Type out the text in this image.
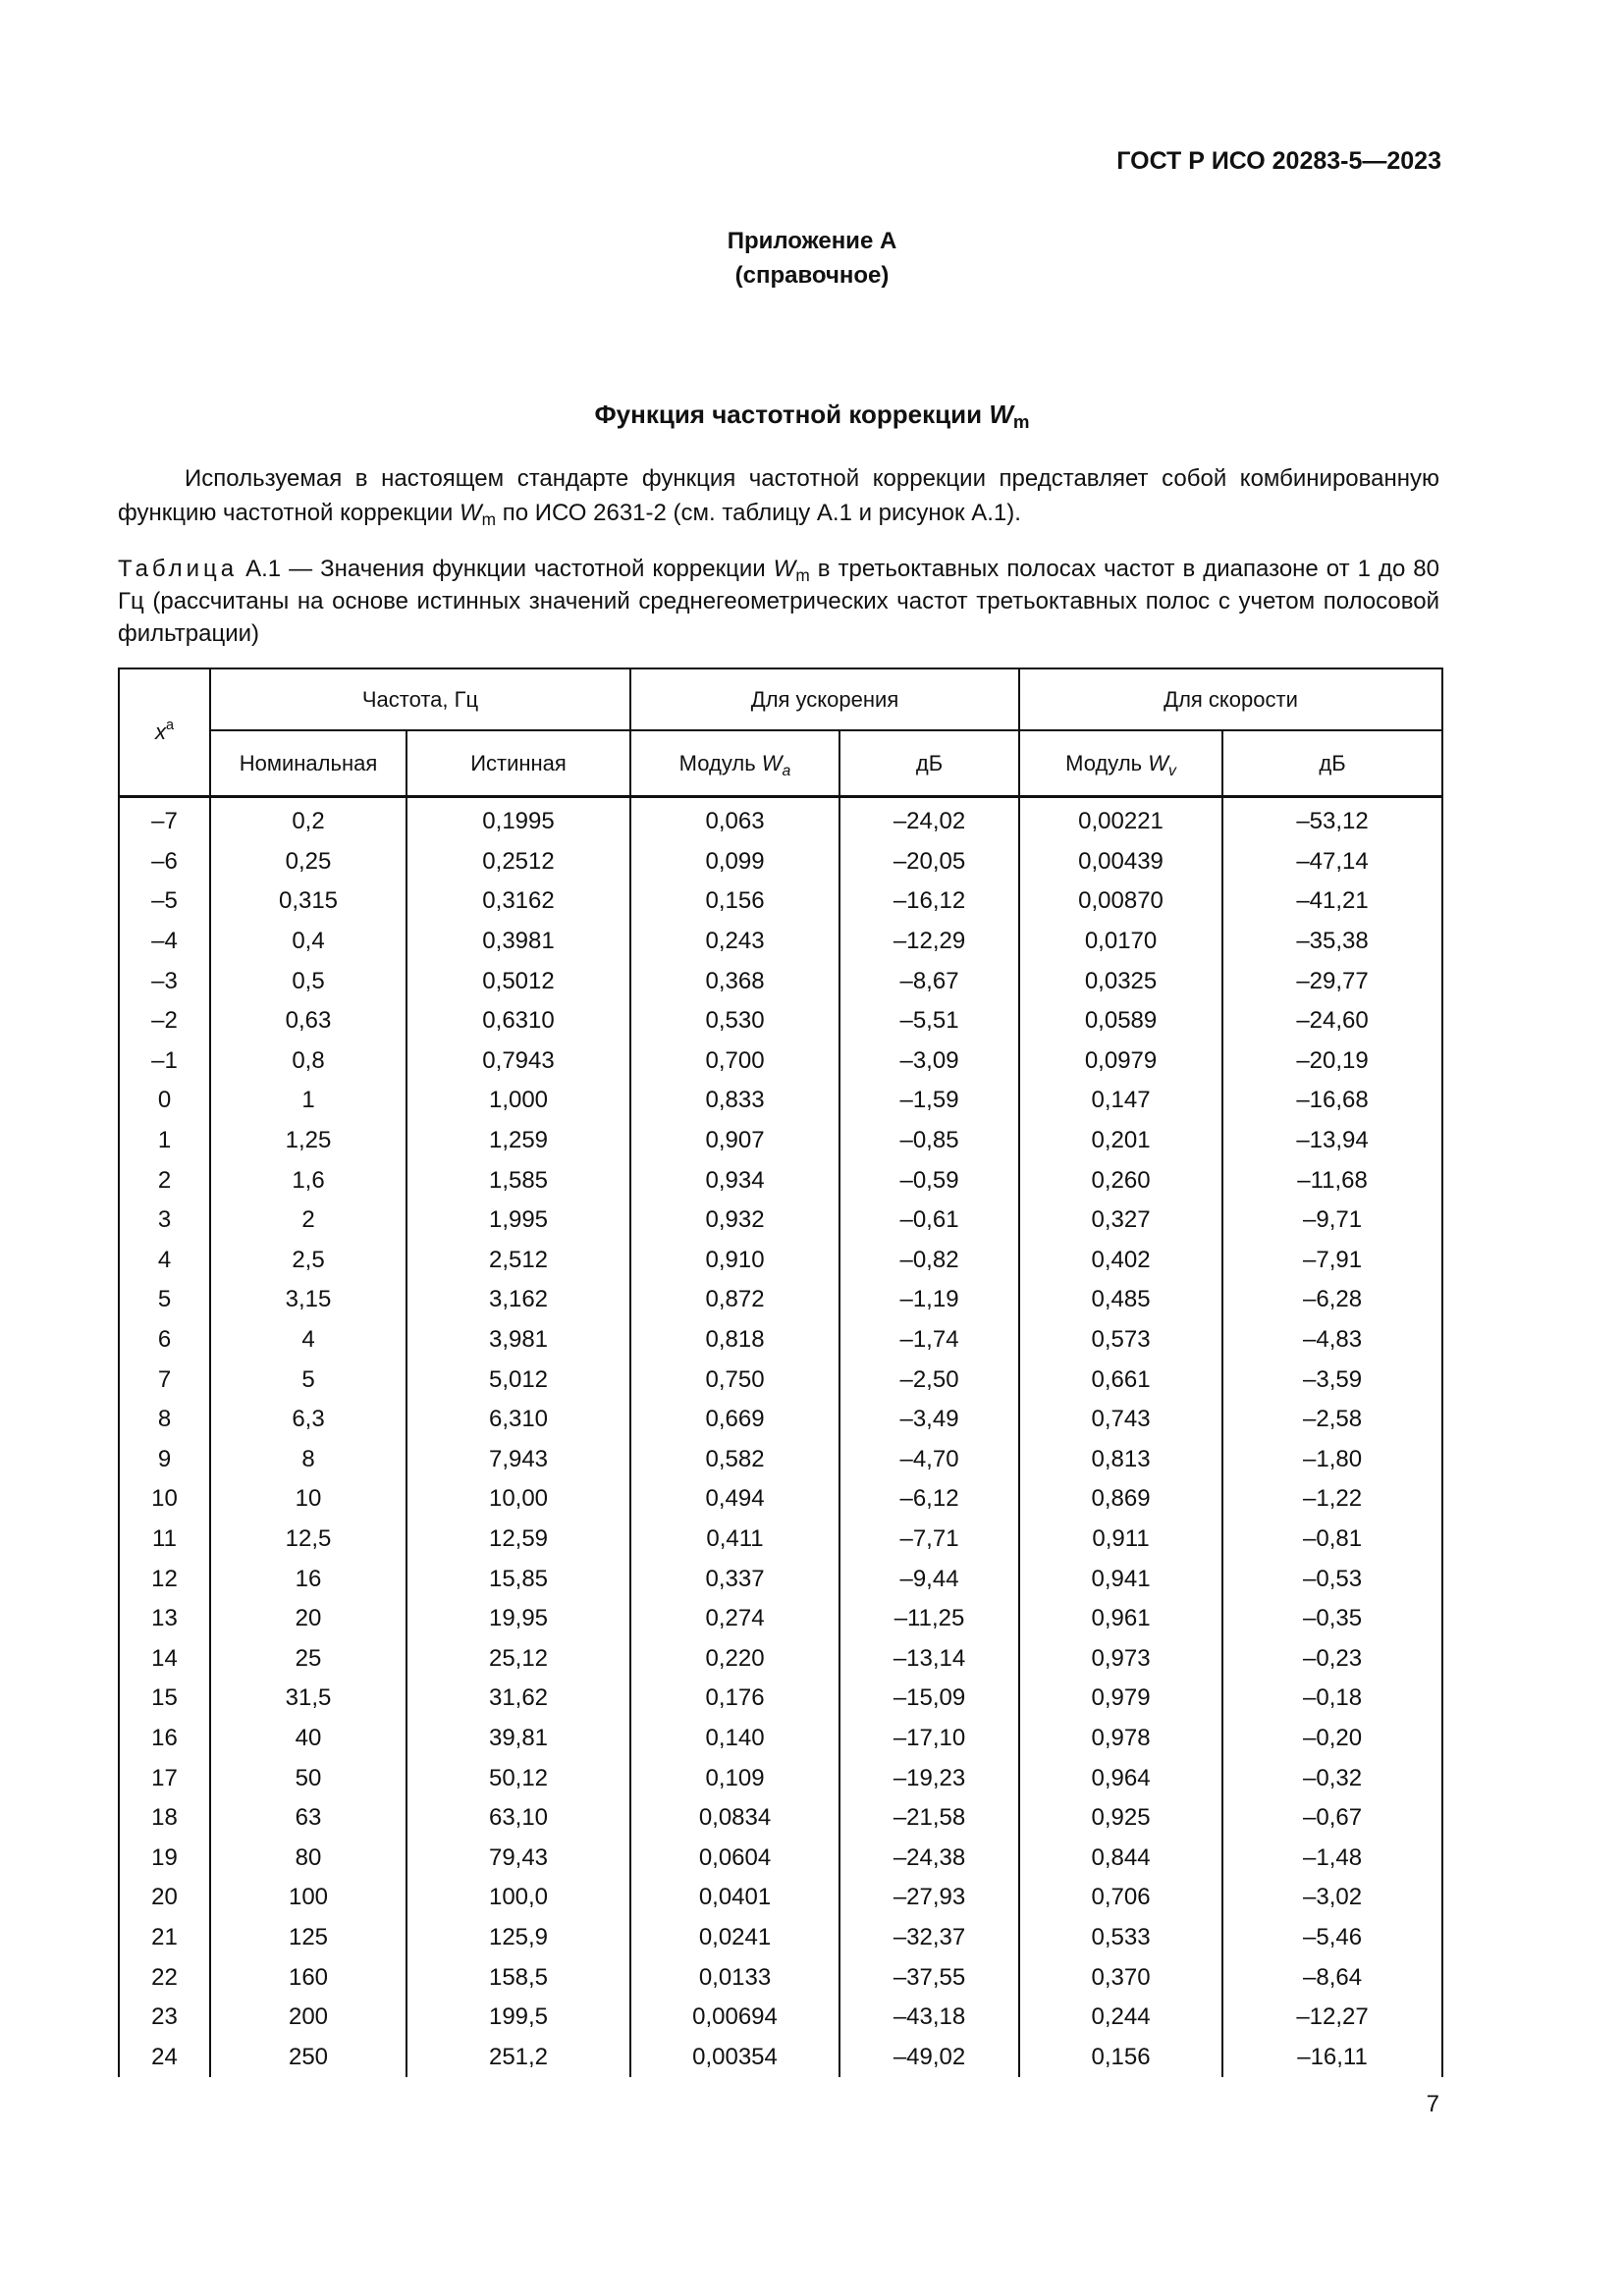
ГОСТ Р ИСО 20283-5—2023
Приложение А
(справочное)
Функция частотной коррекции $W_m$

Используемая в настоящем стандарте функция частотной коррекции представляет собой комбинированную функцию частотной коррекции $W_m$ по ИСО 2631-2 (см. таблицу А.1 и рисунок А.1).

Таблица А.1 — Значения функции частотной коррекции $W_m$ в третьоктавных полосах частот в диапазоне от 1 до 80 Гц (рассчитаны на основе истинных значений среднегеометрических частот третьоктавных полос с учетом полосовой фильтрации)

$x^a$	Частота, Гц		Для ускорения		Для скорости	
	Номинальная	Истинная	Модуль $W_a$	дБ	Модуль $W_v$	дБ
–7	0,2	0,1995	0,063	–24,02	0,00221	–53,12
–6	0,25	0,2512	0,099	–20,05	0,00439	–47,14
–5	0,315	0,3162	0,156	–16,12	0,00870	–41,21
–4	0,4	0,3981	0,243	–12,29	0,0170	–35,38
–3	0,5	0,5012	0,368	–8,67	0,0325	–29,77
–2	0,63	0,6310	0,530	–5,51	0,0589	–24,60
–1	0,8	0,7943	0,700	–3,09	0,0979	–20,19
0	1	1,000	0,833	–1,59	0,147	–16,68
1	1,25	1,259	0,907	–0,85	0,201	–13,94
2	1,6	1,585	0,934	–0,59	0,260	–11,68
3	2	1,995	0,932	–0,61	0,327	–9,71
4	2,5	2,512	0,910	–0,82	0,402	–7,91
5	3,15	3,162	0,872	–1,19	0,485	–6,28
6	4	3,981	0,818	–1,74	0,573	–4,83
7	5	5,012	0,750	–2,50	0,661	–3,59
8	6,3	6,310	0,669	–3,49	0,743	–2,58
9	8	7,943	0,582	–4,70	0,813	–1,80
10	10	10,00	0,494	–6,12	0,869	–1,22
11	12,5	12,59	0,411	–7,71	0,911	–0,81
12	16	15,85	0,337	–9,44	0,941	–0,53
13	20	19,95	0,274	–11,25	0,961	–0,35
14	25	25,12	0,220	–13,14	0,973	–0,23
15	31,5	31,62	0,176	–15,09	0,979	–0,18
16	40	39,81	0,140	–17,10	0,978	–0,20
17	50	50,12	0,109	–19,23	0,964	–0,32
18	63	63,10	0,0834	–21,58	0,925	–0,67
19	80	79,43	0,0604	–24,38	0,844	–1,48
20	100	100,0	0,0401	–27,93	0,706	–3,02
21	125	125,9	0,0241	–32,37	0,533	–5,46
22	160	158,5	0,0133	–37,55	0,370	–8,64
23	200	199,5	0,00694	–43,18	0,244	–12,27
24	250	251,2	0,00354	–49,02	0,156	–16,11
7
